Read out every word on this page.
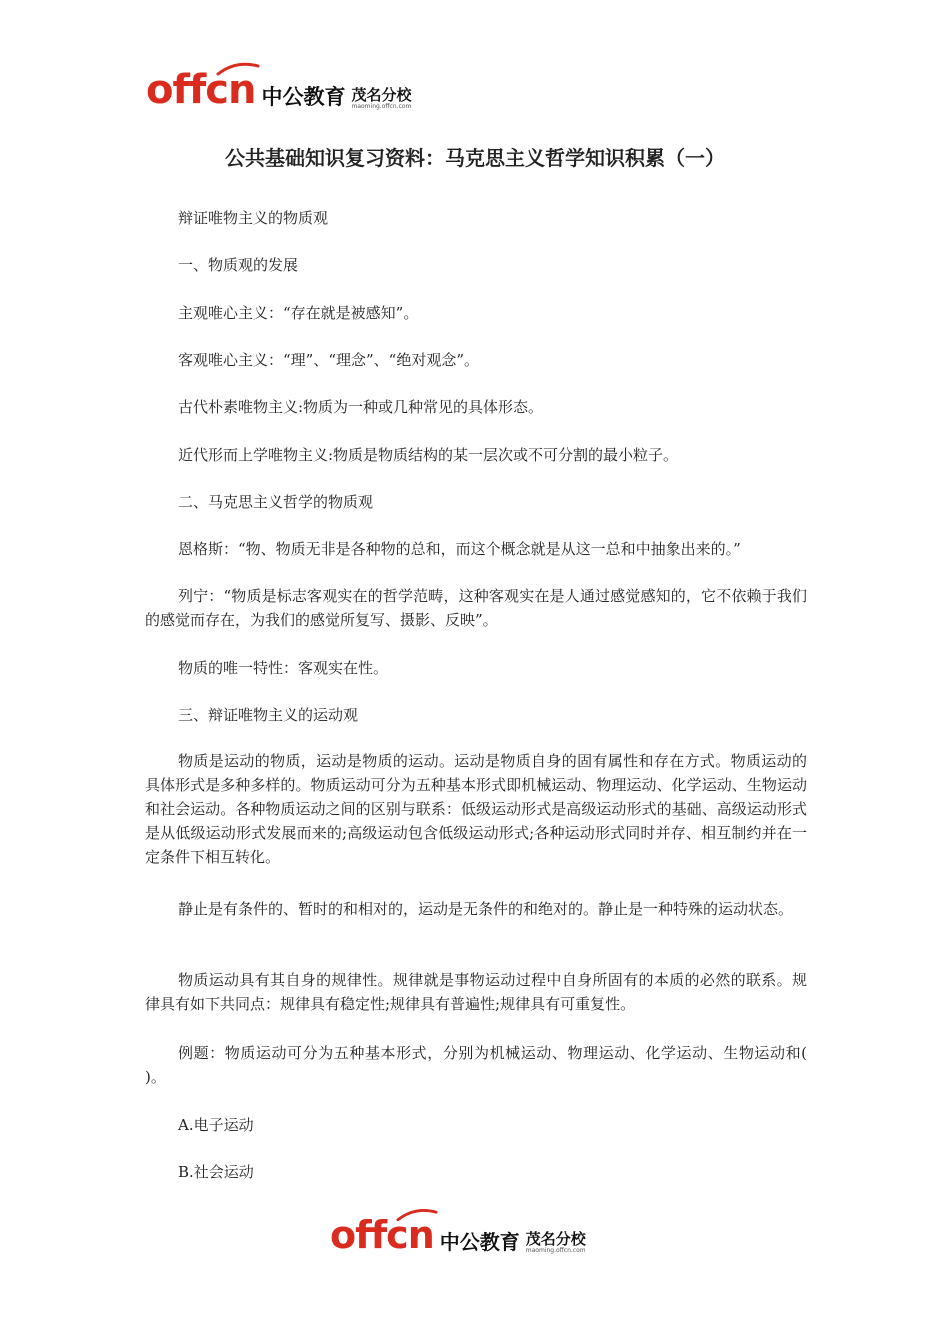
offcn 中公教育 茂名分校
maoming.offcn.com
公共基础知识复习资料：马克思主义哲学知识积累（一）

辩证唯物主义的物质观

一、物质观的发展

主观唯心主义：“存在就是被感知”。

客观唯心主义：“理”、“理念”、“绝对观念”。

古代朴素唯物主义:物质为一种或几种常见的具体形态。

近代形而上学唯物主义:物质是物质结构的某一层次或不可分割的最小粒子。

二、马克思主义哲学的物质观

恩格斯：“物、物质无非是各种物的总和，而这个概念就是从这一总和中抽象出来的。”

列宁：“物质是标志客观实在的哲学范畴，这种客观实在是人通过感觉感知的，它不依赖于我们的感觉而存在，为我们的感觉所复写、摄影、反映”。

物质的唯一特性：客观实在性。

三、辩证唯物主义的运动观

物质是运动的物质，运动是物质的运动。运动是物质自身的固有属性和存在方式。物质运动的具体形式是多种多样的。物质运动可分为五种基本形式即机械运动、物理运动、化学运动、生物运动和社会运动。各种物质运动之间的区别与联系：低级运动形式是高级运动形式的基础、高级运动形式是从低级运动形式发展而来的;高级运动包含低级运动形式;各种运动形式同时并存、相互制约并在一定条件下相互转化。

静止是有条件的、暂时的和相对的，运动是无条件的和绝对的。静止是一种特殊的运动状态。

物质运动具有其自身的规律性。规律就是事物运动过程中自身所固有的本质的必然的联系。规律具有如下共同点：规律具有稳定性;规律具有普遍性;规律具有可重复性。

例题：物质运动可分为五种基本形式，分别为机械运动、物理运动、化学运动、生物运动和( )。

A.电子运动

B.社会运动

offcn 中公教育 茂名分校
maoming.offcn.com
